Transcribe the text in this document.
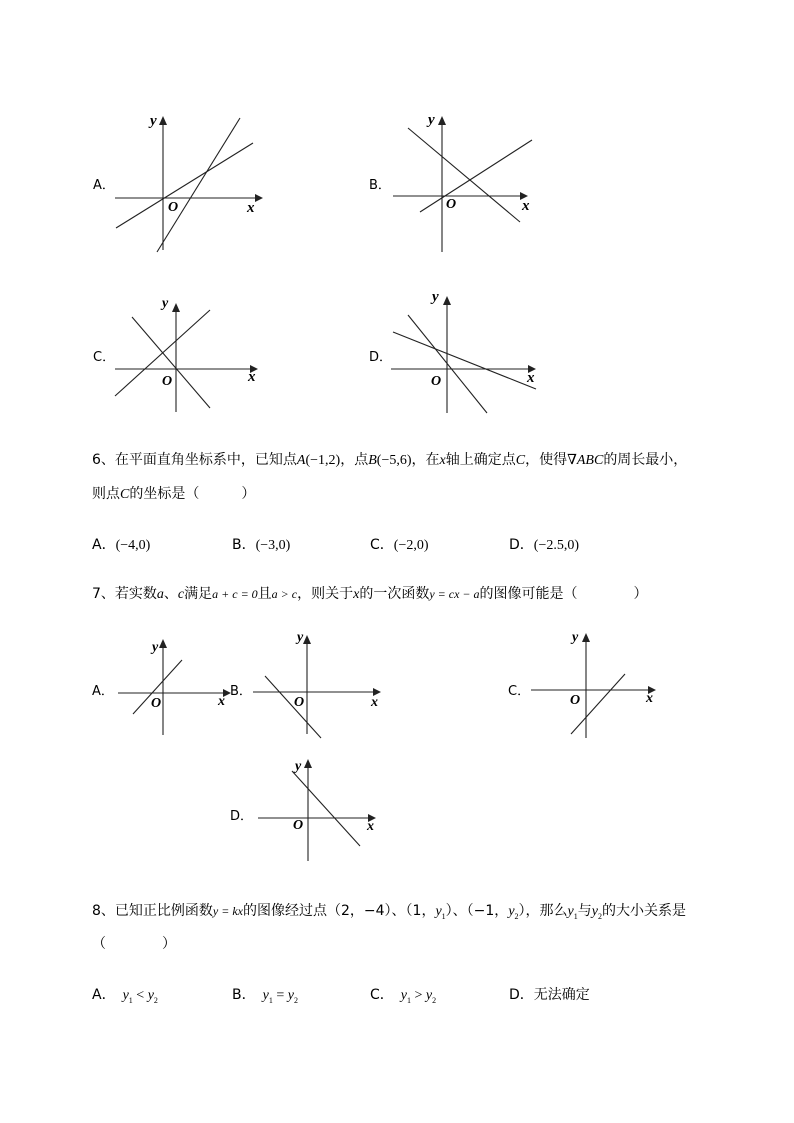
A．
y
x
O
B．
y
x
O
C．
y
x
O
D．
y
x
O
6、在平面直角坐标系中，已知点A(−1,2)，点B(−5,6)，在x轴上确定点C，使得∇ABC的周长最小，
则点C的坐标是（　　　）
A．(−4,0)	B．(−3,0)	C．(−2,0)	D．(−2.5,0)
7、若实数a、c满足a + c = 0且a > c，则关于x的一次函数y = cx − a的图像可能是（　　　　）
A．
y
x
O
B．
y
x
O
C．
y
x
O
D．
y
x
O
8、已知正比例函数y = kx的图像经过点（2，−4）、（1，$y_1$）、（−1，$y_2$），那么$y_1$与$y_2$的大小关系是
（　　　　）
A．　 $y_1 < y_2$	B．　 $y_1 = y_2$	C．　 $y_1 > y_2$	D．无法确定
